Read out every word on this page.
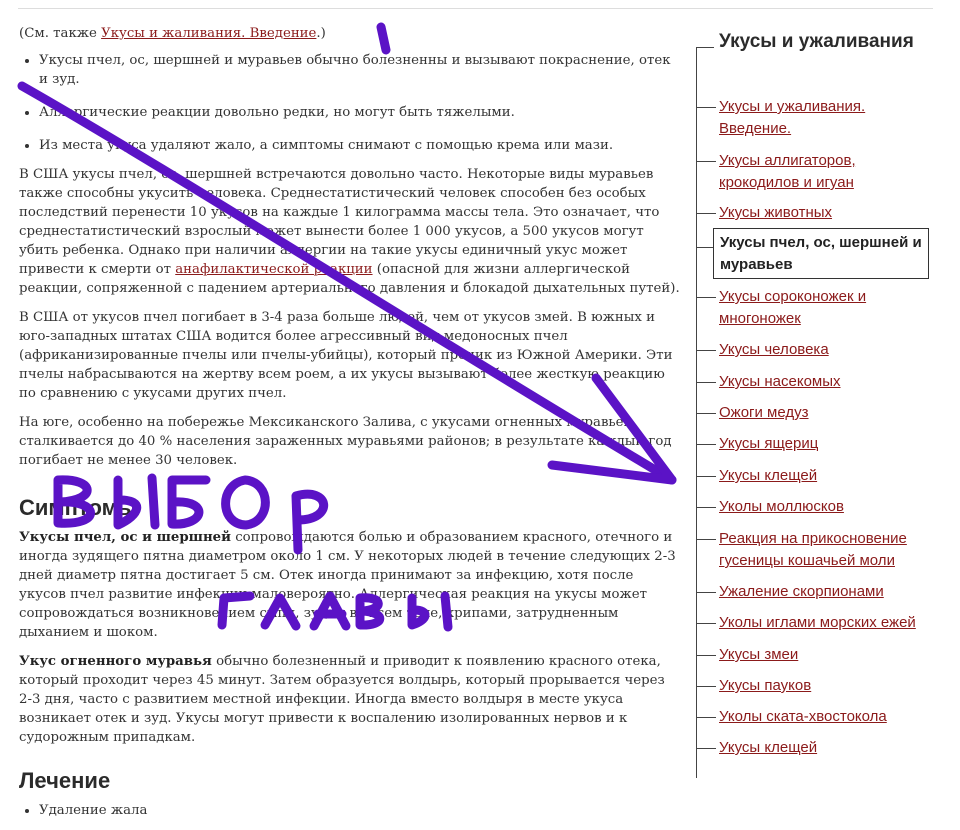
(См. также Укусы и жаливания. Введение.)

• Укусы пчел, ос, шершней и муравьев обычно болезненны и вызывают покраснение, отек и зуд.
• Аллергические реакции довольно редки, но могут быть тяжелыми.
• Из места укуса удаляют жало, а симптомы снимают с помощью крема или мази.

В США укусы пчел, ос, шершней встречаются довольно часто. Некоторые виды муравьев также способны укусить человека. Среднестатистический человек способен без особых последствий перенести 10 укусов на каждые 1 килограмма массы тела. Это означает, что среднестатистический взрослый может вынести более 1 000 укусов, а 500 укусов могут убить ребенка. Однако при наличии аллергии на такие укусы единичный укус может привести к смерти от анафилактической реакции (опасной для жизни аллергической реакции, сопряженной с падением артериального давления и блокадой дыхательных путей).

В США от укусов пчел погибает в 3-4 раза больше людей, чем от укусов змей. В южных и юго-западных штатах США водится более агрессивный вид медоносных пчел (африканизированные пчелы или пчелы-убийцы), который проник из Южной Америки. Эти пчелы набрасываются на жертву всем роем, а их укусы вызывают более жесткую реакцию по сравнению с укусами других пчел.

На юге, особенно на побережье Мексиканского Залива, с укусами огненных муравьев сталкивается до 40 % населения зараженных муравьями районов; в результате каждый год погибает не менее 30 человек.

Симптомы

Укусы пчел, ос и шершней сопровождаются болью и образованием красного, отечного и иногда зудящего пятна диаметром около 1 см. У некоторых людей в течение следующих 2-3 дней диаметр пятна достигает 5 см. Отек иногда принимают за инфекцию, хотя после укусов пчел развитие инфекции маловероятно. Аллергическая реакция на укусы может сопровождаться возникновением сыпи, зудом во всем теле, хрипами, затрудненным дыханием и шоком.

Укус огненного муравья обычно болезненный и приводит к появлению красного отека, который проходит через 45 минут. Затем образуется волдырь, который прорывается через 2-3 дня, часто с развитием местной инфекции. Иногда вместо волдыря в месте укуса возникает отек и зуд. Укусы могут привести к воспалению изолированных нервов и к судорожным припадкам.

Лечение
• Удаление жала
Укусы и ужаливания
Укусы и ужаливания. Введение.
Укусы аллигаторов, крокодилов и игуан
Укусы животных
Укусы пчел, ос, шершней и муравьев
Укусы сороконожек и многоножек
Укусы человека
Укусы насекомых
Ожоги медуз
Укусы ящериц
Укусы клещей
Уколы моллюсков
Реакция на прикосновение гусеницы кошачьей моли
Ужаление скорпионами
Уколы иглами морских ежей
Укусы змеи
Укусы пауков
Уколы ската-хвостокола
Укусы клещей
